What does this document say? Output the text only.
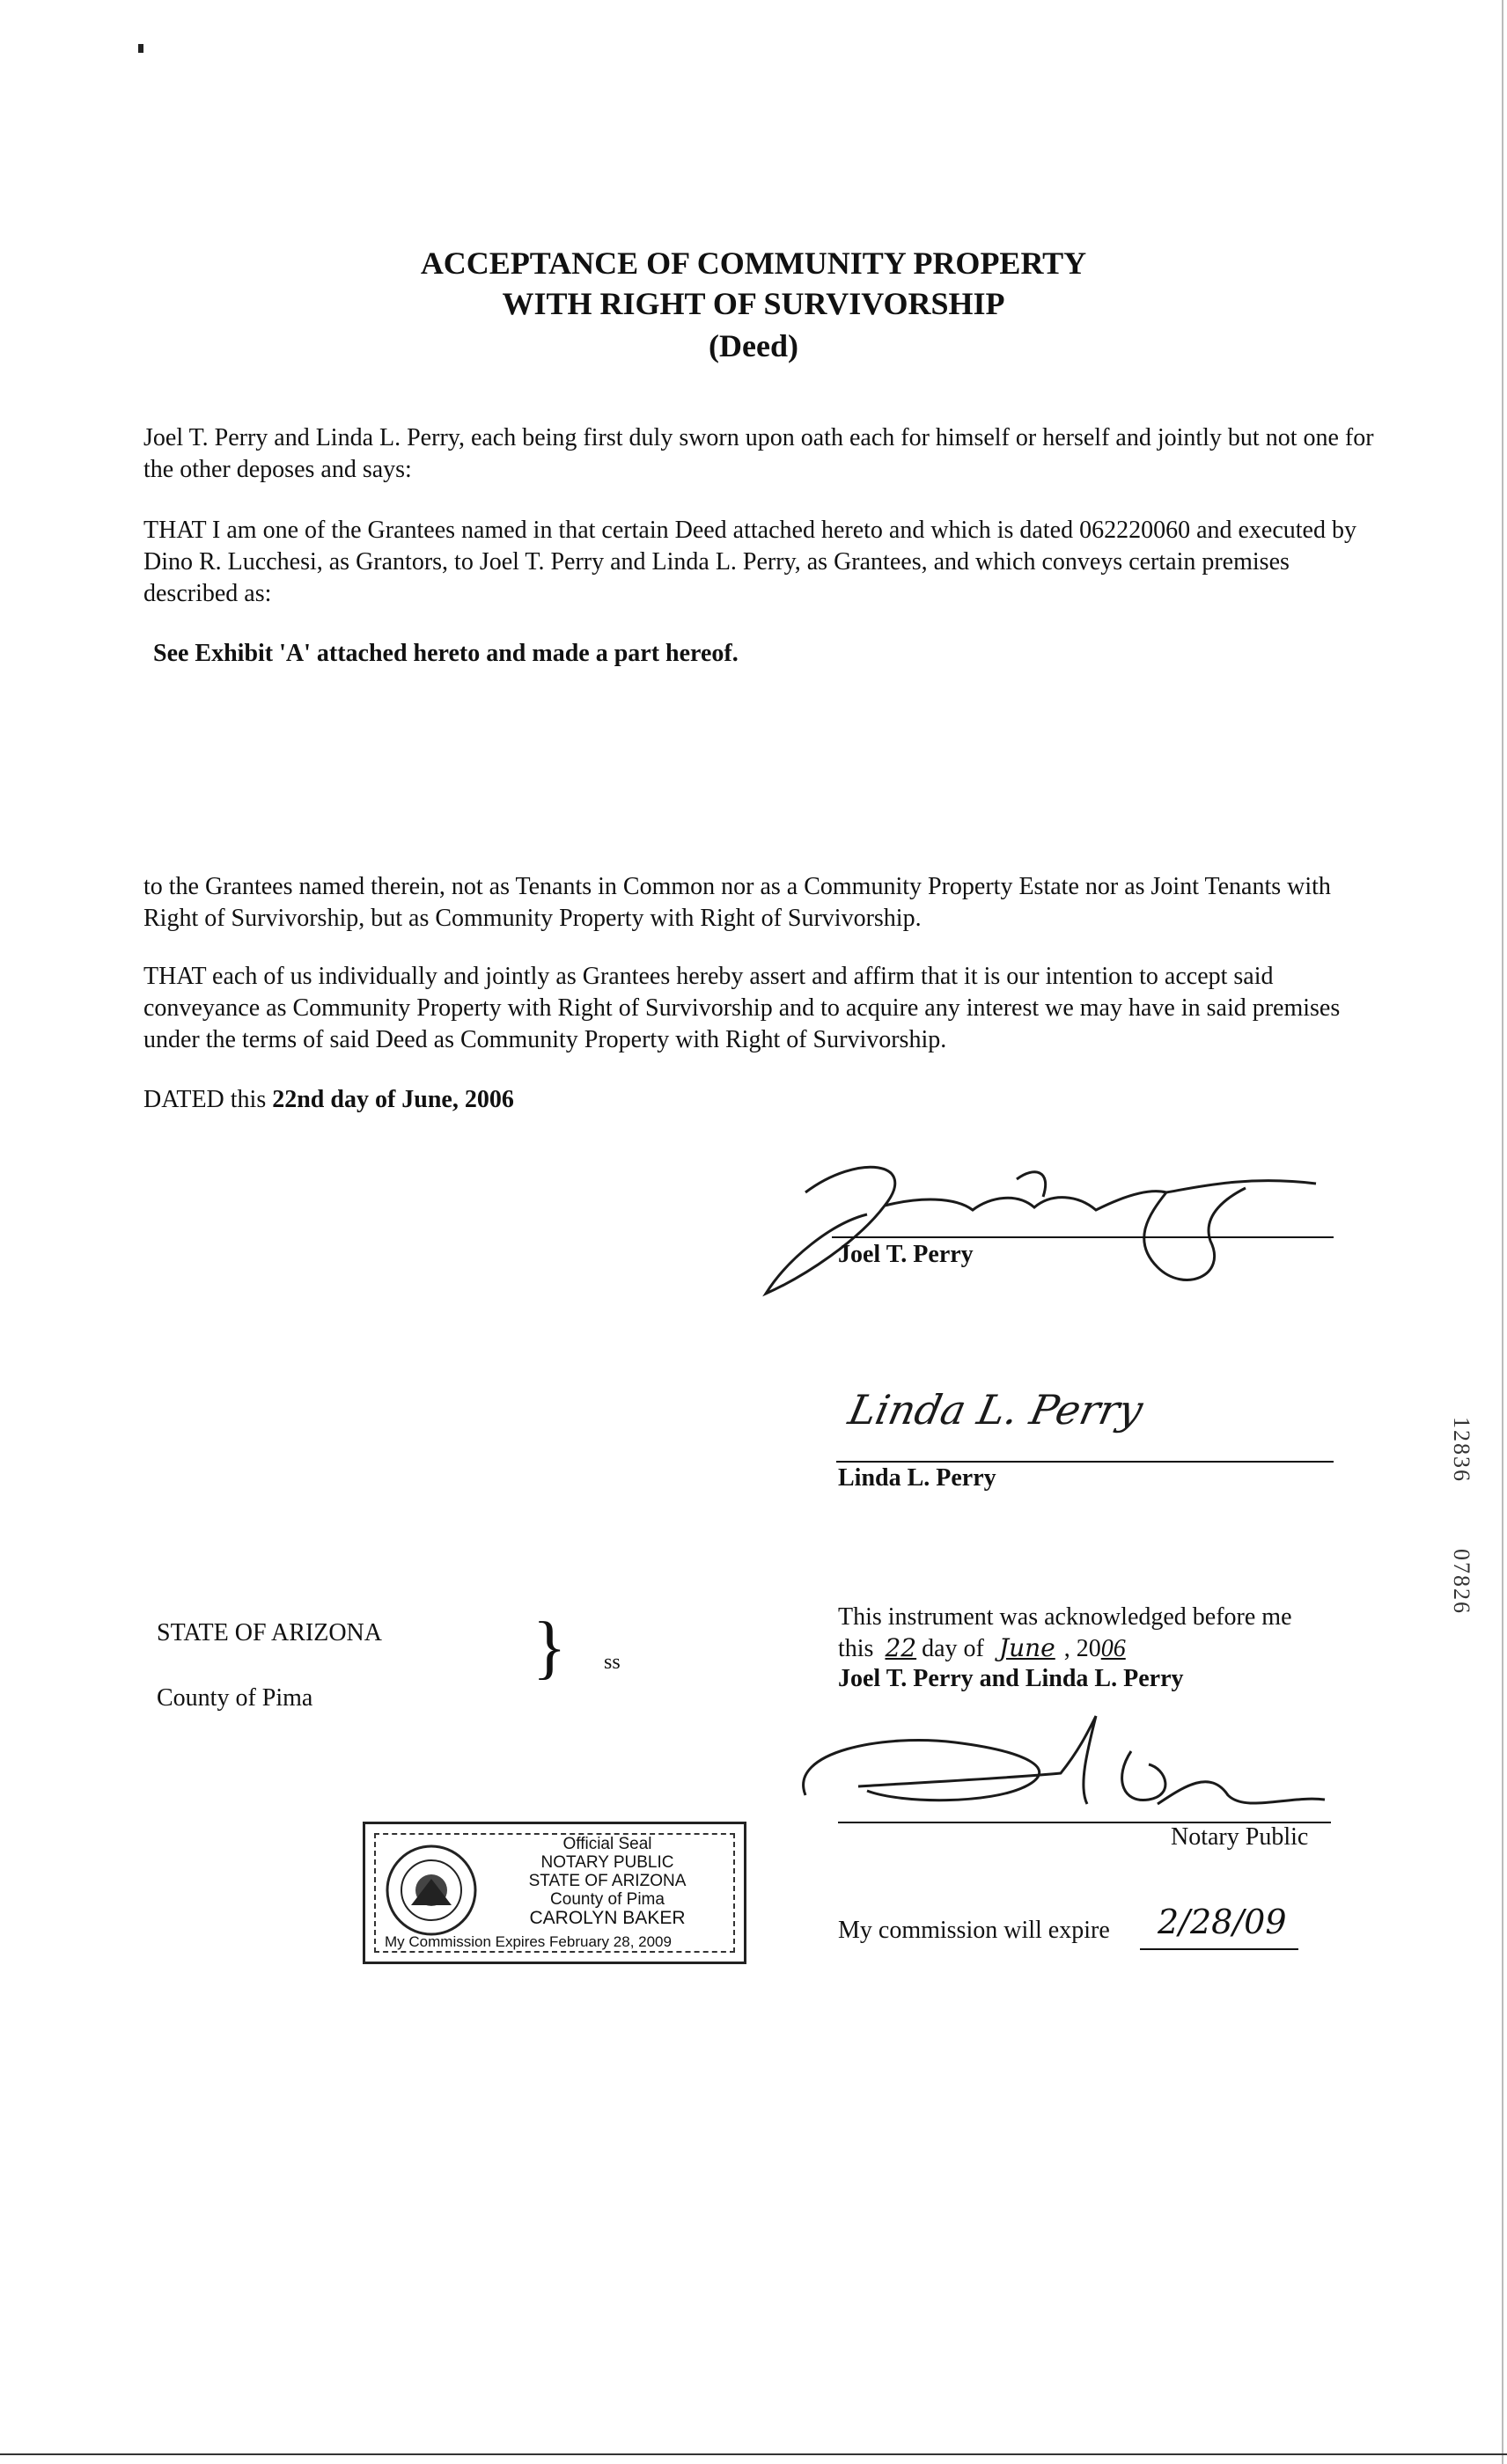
ACCEPTANCE OF COMMUNITY PROPERTY
WITH RIGHT OF SURVIVORSHIP
(Deed)
Joel T. Perry and Linda L. Perry, each being first duly sworn upon oath each for himself or herself and jointly but not one for the other deposes and says:
THAT I am one of the Grantees named in that certain Deed attached hereto and which is dated 062220060 and executed by Dino R. Lucchesi, as Grantors, to Joel T. Perry and Linda L. Perry, as Grantees, and which conveys certain premises described as:
See Exhibit 'A' attached hereto and made a part hereof.
to the Grantees named therein, not as Tenants in Common nor as a Community Property Estate nor as Joint Tenants with Right of Survivorship, but as Community Property with Right of Survivorship.
THAT each of us individually and jointly as Grantees hereby assert and affirm that it is our intention to accept said conveyance as Community Property with Right of Survivorship and to acquire any interest we may have in said premises under the terms of said Deed as Community Property with Right of Survivorship.
DATED this 22nd day of June, 2006
Joel T. Perry
Linda L. Perry
Linda L. Perry
STATE OF ARIZONA
County of Pima
} ss
This instrument was acknowledged before me
this 22 day of June , 2006
Joel T. Perry and Linda L. Perry
Notary Public
My commission will expire 2/28/09
Official Seal
NOTARY PUBLIC
STATE OF ARIZONA
County of Pima
CAROLYN BAKER
My Commission Expires February 28, 2009
12836
07826
